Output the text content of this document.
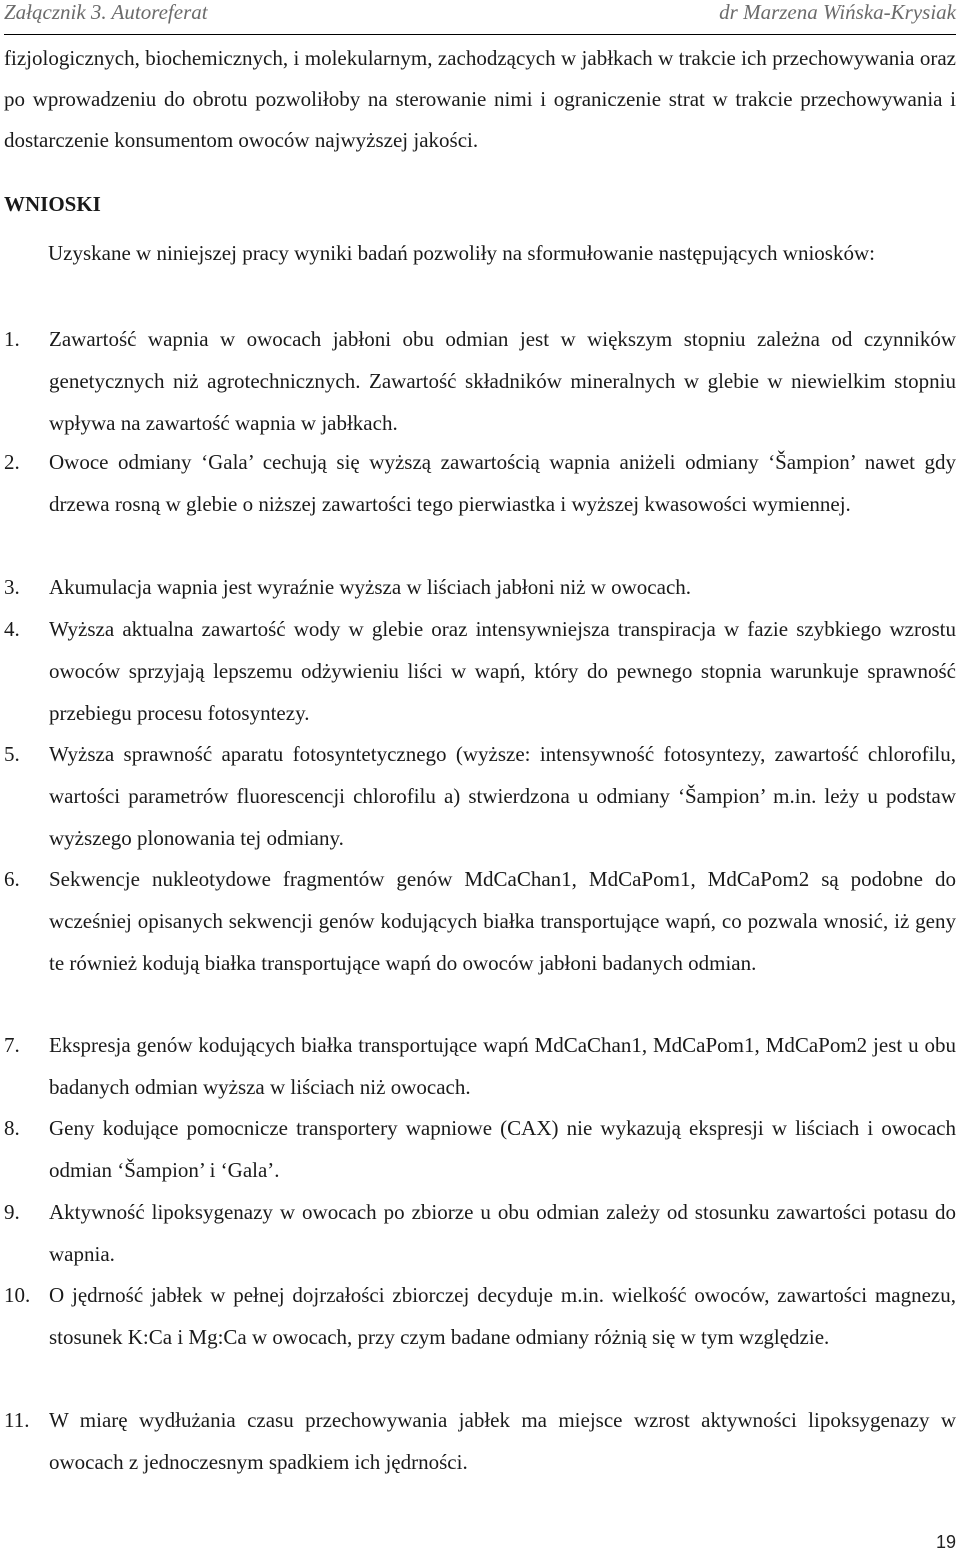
Załącznik 3. Autoreferat	dr Marzena Wińska-Krysiak
fizjologicznych, biochemicznych, i molekularnym, zachodzących w jabłkach w trakcie ich przechowywania oraz po wprowadzeniu do obrotu pozwoliłoby na sterowanie nimi i ograniczenie strat w trakcie przechowywania i dostarczenie konsumentom owoców najwyższej jakości.
WNIOSKI
Uzyskane w niniejszej pracy wyniki badań pozwoliły na sformułowanie następujących wniosków:
1. Zawartość wapnia w owocach jabłoni obu odmian jest w większym stopniu zależna od czynników genetycznych niż agrotechnicznych. Zawartość składników mineralnych w glebie w niewielkim stopniu wpływa na zawartość wapnia w jabłkach.
2. Owoce odmiany ‘Gala’ cechują się wyższą zawartością wapnia aniżeli odmiany ‘Šampion’ nawet gdy drzewa rosną w glebie o niższej zawartości tego pierwiastka i wyższej kwasowości wymiennej.
3. Akumulacja wapnia jest wyraźnie wyższa w liściach jabłoni niż w owocach.
4. Wyższa aktualna zawartość wody w glebie oraz intensywniejsza transpiracja w fazie szybkiego wzrostu owoców sprzyjają lepszemu odżywieniu liści w wapń, który do pewnego stopnia warunkuje sprawność przebiegu procesu fotosyntezy.
5. Wyższa sprawność aparatu fotosyntetycznego (wyższe: intensywność fotosyntezy, zawartość chlorofilu, wartości parametrów fluorescencji chlorofilu a) stwierdzona u odmiany ‘Šampion’ m.in. leży u podstaw wyższego plonowania tej odmiany.
6. Sekwencje nukleotydowe fragmentów genów MdCaChan1, MdCaPom1, MdCaPom2 są podobne do wcześniej opisanych sekwencji genów kodujących białka transportujące wapń, co pozwala wnosić, iż geny te również kodują białka transportujące wapń do owoców jabłoni badanych odmian.
7. Ekspresja genów kodujących białka transportujące wapń MdCaChan1, MdCaPom1, MdCaPom2 jest u obu badanych odmian wyższa w liściach niż owocach.
8. Geny kodujące pomocnicze transportery wapniowe (CAX) nie wykazują ekspresji w liściach i owocach odmian ‘Šampion’ i ‘Gala’.
9. Aktywność lipoksygenazy w owocach po zbiorze u obu odmian zależy od stosunku zawartości potasu do wapnia.
10. O jędrność jabłek w pełnej dojrzałości zbiorczej decyduje m.in. wielkość owoców, zawartości magnezu, stosunek K:Ca i Mg:Ca w owocach, przy czym badane odmiany różnią się w tym względzie.
11. W miarę wydłużania czasu przechowywania jabłek ma miejsce wzrost aktywności lipoksygenazy w owocach z jednoczesnym spadkiem ich jędrności.
19
